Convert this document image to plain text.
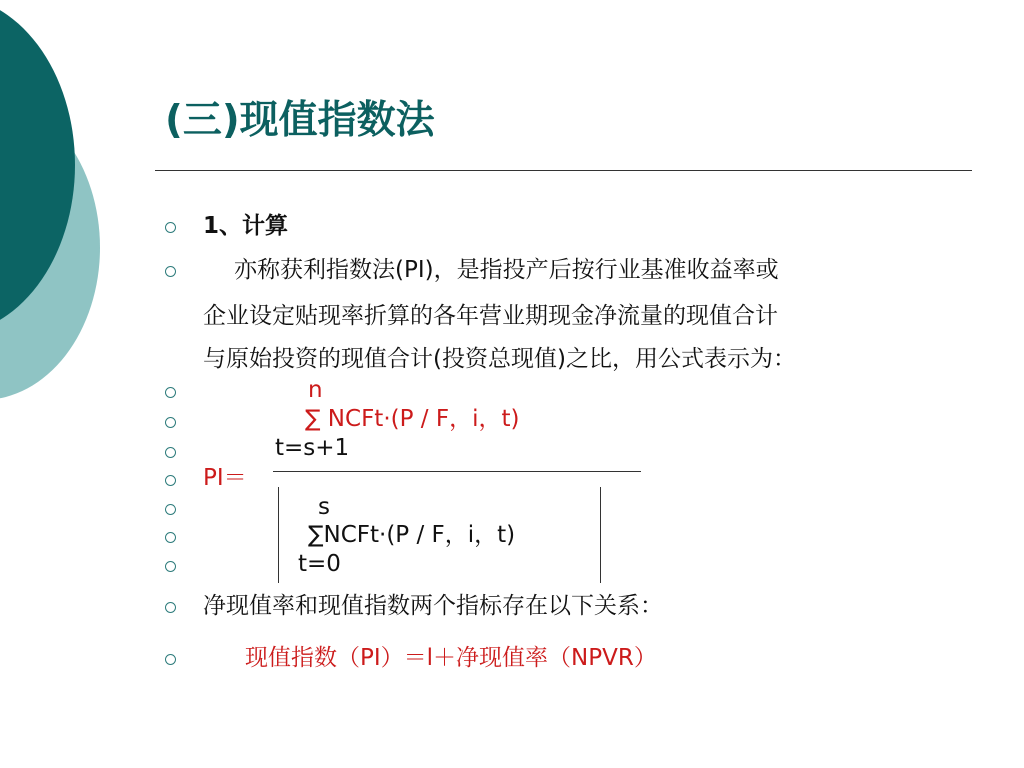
(三)现值指数法
1、计算
亦称获利指数法(PI)，是指投产后按行业基准收益率或
企业设定贴现率折算的各年营业期现金净流量的现值合计
与原始投资的现值合计(投资总现值)之比，用公式表示为：
n
∑ NCFt·(P / F，i，t)
t=s+1
PI＝
s
∑NCFt·(P / F，i，t)
t=0
净现值率和现值指数两个指标存在以下关系：
现值指数（PI）＝l＋净现值率（NPVR）
